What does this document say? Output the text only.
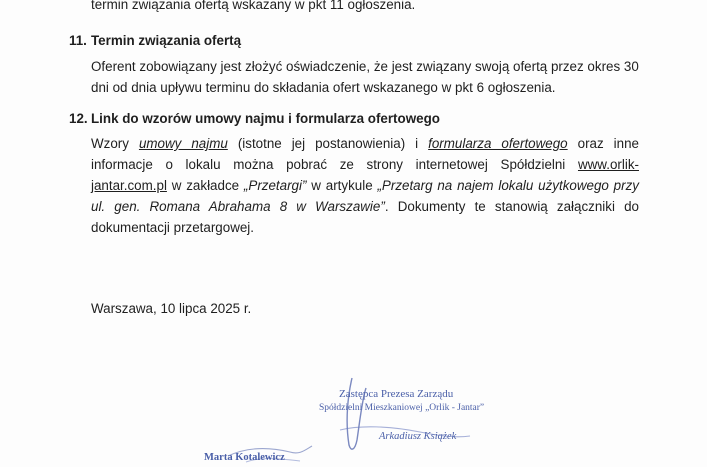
termin związania ofertą wskazany w pkt 11 ogłoszenia.
11. Termin związania ofertą
Oferent zobowiązany jest złożyć oświadczenie, że jest związany swoją ofertą przez okres 30
dni od dnia upływu terminu do składania ofert wskazanego w pkt 6 ogłoszenia.
12. Link do wzorów umowy najmu i formularza ofertowego
Wzory umowy najmu (istotne jej postanowienia) i formularza ofertowego oraz inne
informacje o lokalu można pobrać ze strony internetowej Spółdzielni www.orlik-
jantar.com.pl w zakładce „Przetargi” w artykule „Przetarg na najem lokalu użytkowego przy
ul. gen. Romana Abrahama 8 w Warszawie”. Dokumenty te stanowią załączniki do
dokumentacji przetargowej.
Warszawa, 10 lipca 2025 r.
Zastępca Prezesa Zarządu
Spółdzielni Mieszkaniowej „Orlik - Jantar”
Arkadiusz Książek
Marta Kotalewicz
